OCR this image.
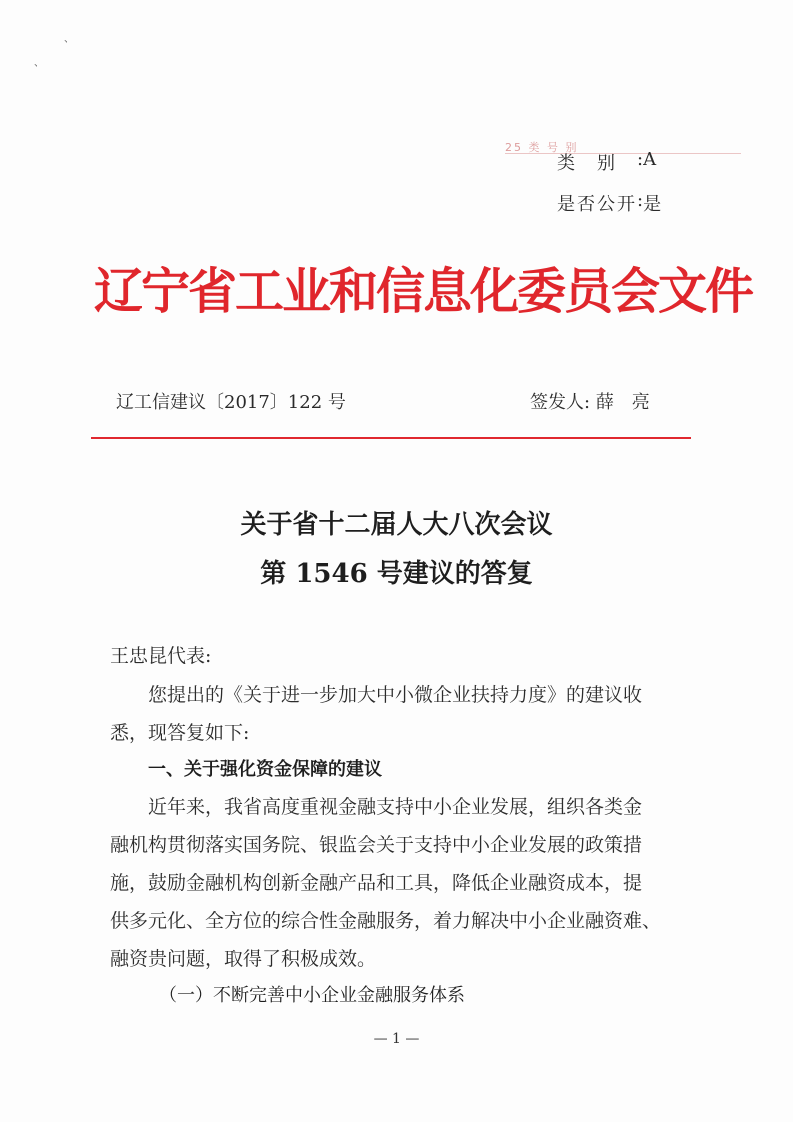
、
、
25 类 号 别
类别 : A
是否公开 : 是
辽宁省工业和信息化委员会文件
辽工信建议〔2017〕122 号	签发人: 薛　亮
关于省十二届人大八次会议
第 1546 号建议的答复
王忠昆代表:
您提出的《关于进一步加大中小微企业扶持力度》的建议收
悉，现答复如下:
一、关于强化资金保障的建议
近年来，我省高度重视金融支持中小企业发展，组织各类金
融机构贯彻落实国务院、银监会关于支持中小企业发展的政策措
施，鼓励金融机构创新金融产品和工具，降低企业融资成本，提
供多元化、全方位的综合性金融服务，着力解决中小企业融资难、
融资贵问题，取得了积极成效。
（一）不断完善中小企业金融服务体系
— 1 —
